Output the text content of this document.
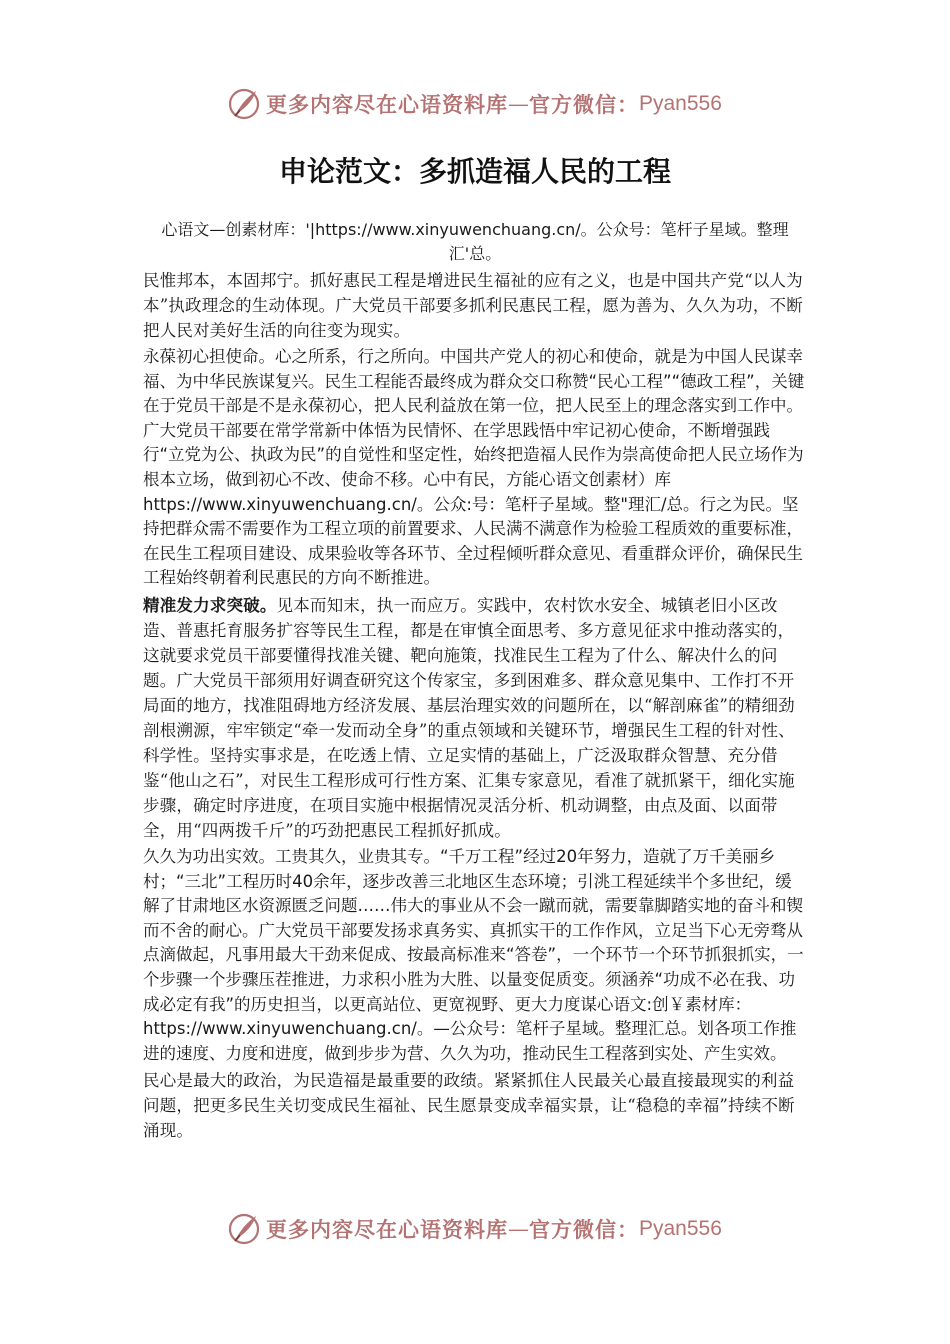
更多内容尽在心语资料库 — 官方微信： Pyan556
申论范文：多抓造福人民的工程

心语文—创素材库：'|https://www.xinyuwenchuang.cn/。公众号：笔杆子星域。整理汇'总。

民惟邦本，本固邦宁。抓好惠民工程是增进民生福祉的应有之义，也是中国共产党“以人为本”执政理念的生动体现。广大党员干部要多抓利民惠民工程，愿为善为、久久为功，不断把人民对美好生活的向往变为现实。

永葆初心担使命。心之所系，行之所向。中国共产党人的初心和使命，就是为中国人民谋幸福、为中华民族谋复兴。民生工程能否最终成为群众交口称赞“民心工程”“德政工程”，关键在于党员干部是不是永葆初心，把人民利益放在第一位，把人民至上的理念落实到工作中。广大党员干部要在常学常新中体悟为民情怀、在学思践悟中牢记初心使命，不断增强践行“立党为公、执政为民”的自觉性和坚定性，始终把造福人民作为崇高使命把人民立场作为根本立场，做到初心不改、使命不移。心中有民，方能心语文创素材）库https://www.xinyuwenchuang.cn/。公众:号：笔杆子星域。整"理汇/总。行之为民。坚持把群众需不需要作为工程立项的前置要求、人民满不满意作为检验工程质效的重要标准，在民生工程项目建设、成果验收等各环节、全过程倾听群众意见、看重群众评价，确保民生工程始终朝着利民惠民的方向不断推进。

精准发力求突破。见本而知末，执一而应万。实践中，农村饮水安全、城镇老旧小区改造、普惠托育服务扩容等民生工程，都是在审慎全面思考、多方意见征求中推动落实的，这就要求党员干部要懂得找准关键、靶向施策，找准民生工程为了什么、解决什么的问题。广大党员干部须用好调查研究这个传家宝，多到困难多、群众意见集中、工作打不开局面的地方，找准阻碍地方经济发展、基层治理实效的问题所在，以“解剖麻雀”的精细劲剖根溯源，牢牢锁定“牵一发而动全身”的重点领域和关键环节，增强民生工程的针对性、科学性。坚持实事求是，在吃透上情、立足实情的基础上，广泛汲取群众智慧、充分借鉴“他山之石”，对民生工程形成可行性方案、汇集专家意见，看准了就抓紧干，细化实施步骤，确定时序进度，在项目实施中根据情况灵活分析、机动调整，由点及面、以面带全，用“四两拨千斤”的巧劲把惠民工程抓好抓成。

久久为功出实效。工贵其久，业贵其专。“千万工程”经过20年努力，造就了万千美丽乡村；“三北”工程历时40余年，逐步改善三北地区生态环境；引洮工程延续半个多世纪，缓解了甘肃地区水资源匮乏问题……伟大的事业从不会一蹴而就，需要靠脚踏实地的奋斗和锲而不舍的耐心。广大党员干部要发扬求真务实、真抓实干的工作作风，立足当下心无旁骛从点滴做起，凡事用最大干劲来促成、按最高标准来“答卷”，一个环节一个环节抓狠抓实，一个步骤一个步骤压茬推进，力求积小胜为大胜、以量变促质变。须涵养“功成不必在我、功成必定有我”的历史担当，以更高站位、更宽视野、更大力度谋心语文:创￥素材库：https://www.xinyuwenchuang.cn/。—公众号：笔杆子星域。整理汇总。划各项工作推进的速度、力度和进度，做到步步为营、久久为功，推动民生工程落到实处、产生实效。

民心是最大的政治，为民造福是最重要的政绩。紧紧抓住人民最关心最直接最现实的利益问题，把更多民生关切变成民生福祉、民生愿景变成幸福实景，让“稳稳的幸福”持续不断涌现。

更多内容尽在心语资料库 — 官方微信： Pyan556
